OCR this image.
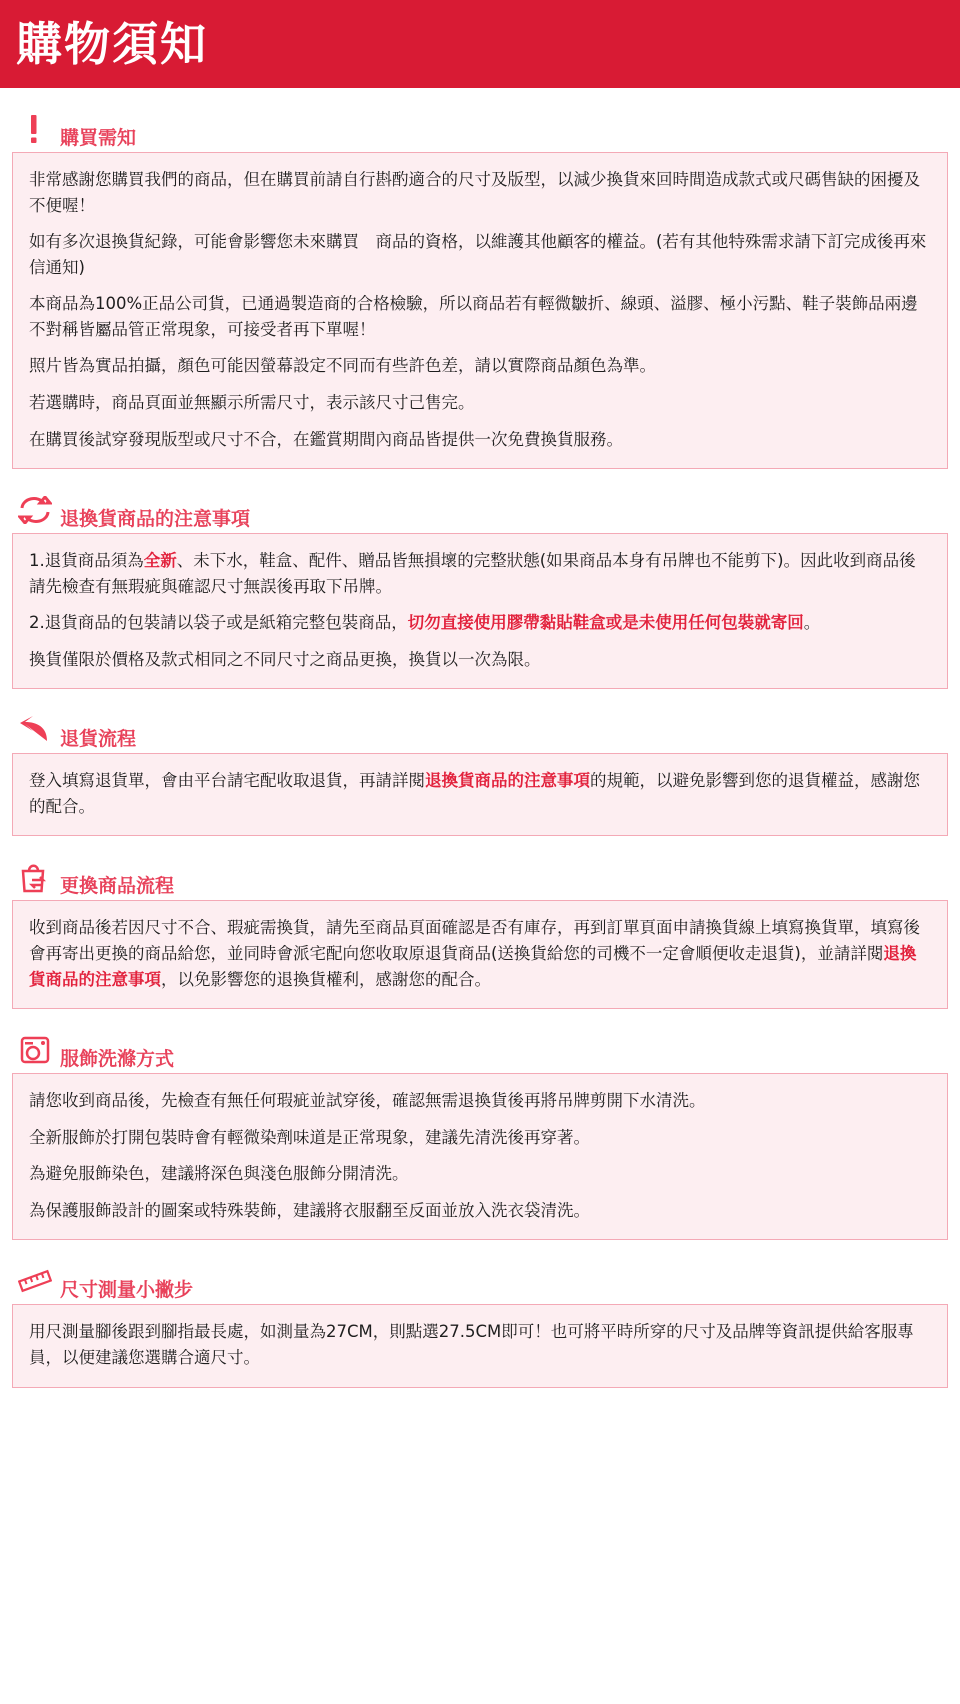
購物須知
購買需知

非常感謝您購買我們的商品，但在購買前請自行斟酌適合的尺寸及版型，以減少換貨來回時間造成款式或尺碼售缺的困擾及不便喔！

如有多次退換貨紀錄，可能會影響您未來購買　商品的資格，以維護其他顧客的權益。(若有其他特殊需求請下訂完成後再來信通知)

本商品為100%正品公司貨，已通過製造商的合格檢驗，所以商品若有輕微皺折、線頭、溢膠、極小污點、鞋子裝飾品兩邊不對稱皆屬品管正常現象，可接受者再下單喔！

照片皆為實品拍攝，顏色可能因螢幕設定不同而有些許色差，請以實際商品顏色為準。

若選購時，商品頁面並無顯示所需尺寸，表示該尺寸己售完。

在購買後試穿發現版型或尺寸不合，在鑑賞期間內商品皆提供一次免費換貨服務。

退換貨商品的注意事項

1.退貨商品須為全新、未下水，鞋盒、配件、贈品皆無損壞的完整狀態(如果商品本身有吊牌也不能剪下)。因此收到商品後請先檢查有無瑕疵與確認尺寸無誤後再取下吊牌。

2.退貨商品的包裝請以袋子或是紙箱完整包裝商品，切勿直接使用膠帶黏貼鞋盒或是未使用任何包裝就寄回。

換貨僅限於價格及款式相同之不同尺寸之商品更換，換貨以一次為限。

退貨流程

登入填寫退貨單，會由平台請宅配收取退貨，再請詳閱退換貨商品的注意事項的規範，以避免影響到您的退貨權益，感謝您的配合。

更換商品流程

收到商品後若因尺寸不合、瑕疵需換貨，請先至商品頁面確認是否有庫存，再到訂單頁面申請換貨線上填寫換貨單，填寫後會再寄出更換的商品給您，並同時會派宅配向您收取原退貨商品(送換貨給您的司機不一定會順便收走退貨)，並請詳閱退換貨商品的注意事項，以免影響您的退換貨權利，感謝您的配合。

服飾洗滌方式

請您收到商品後，先檢查有無任何瑕疵並試穿後，確認無需退換貨後再將吊牌剪開下水清洗。

全新服飾於打開包裝時會有輕微染劑味道是正常現象，建議先清洗後再穿著。

為避免服飾染色，建議將深色與淺色服飾分開清洗。

為保護服飾設計的圖案或特殊裝飾，建議將衣服翻至反面並放入洗衣袋清洗。

尺寸測量小撇步

用尺測量腳後跟到腳指最長處，如測量為27CM，則點選27.5CM即可！也可將平時所穿的尺寸及品牌等資訊提供給客服專員，以便建議您選購合適尺寸。
